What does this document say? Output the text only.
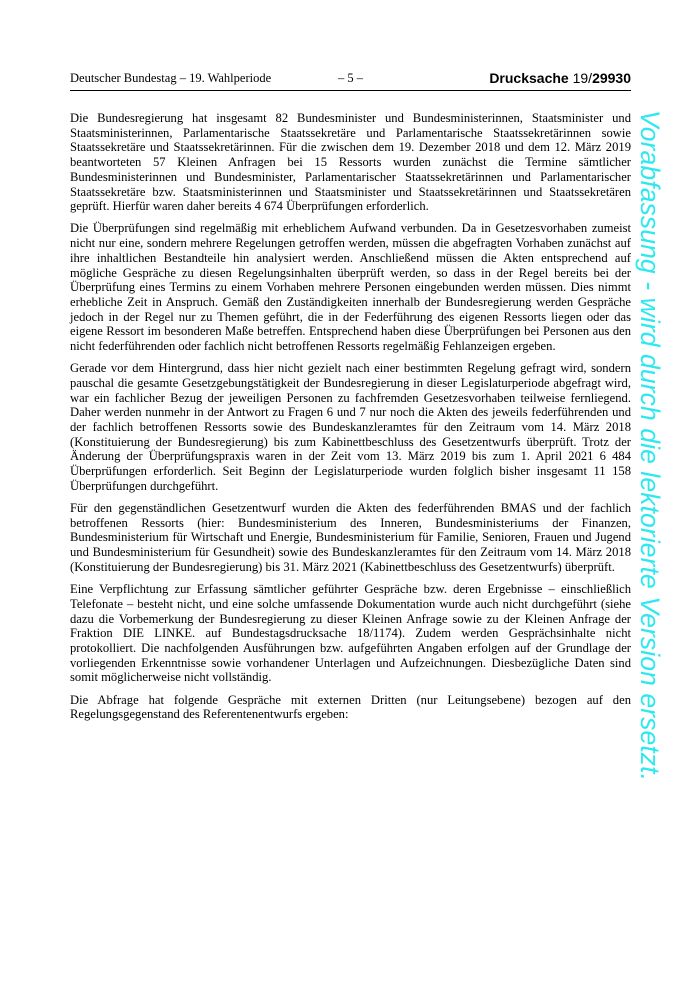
Deutscher Bundestag – 19. Wahlperiode	– 5 –	Drucksache 19/29930

Die Bundesregierung hat insgesamt 82 Bundesminister und Bundesministerinnen, Staatsminister und Staatsministerinnen, Parlamentarische Staatssekretäre und Parlamentarische Staatssekretärinnen sowie Staatssekretäre und Staatssekretärinnen. Für die zwischen dem 19. Dezember 2018 und dem 12. März 2019 beantworteten 57 Kleinen Anfragen bei 15 Ressorts wurden zunächst die Termine sämtlicher Bundesministerinnen und Bundesminister, Parlamentarischer Staatssekretärinnen und Parlamentarischer Staatssekretäre bzw. Staatsministerinnen und Staatsminister und Staatssekretärinnen und Staatssekretären geprüft. Hierfür waren daher bereits 4 674 Überprüfungen erforderlich.

Die Überprüfungen sind regelmäßig mit erheblichem Aufwand verbunden. Da in Gesetzesvorhaben zumeist nicht nur eine, sondern mehrere Regelungen getroffen werden, müssen die abgefragten Vorhaben zunächst auf ihre inhaltlichen Bestandteile hin analysiert werden. Anschließend müssen die Akten entsprechend auf mögliche Gespräche zu diesen Regelungsinhalten überprüft werden, so dass in der Regel bereits bei der Überprüfung eines Termins zu einem Vorhaben mehrere Personen eingebunden werden müssen. Dies nimmt erhebliche Zeit in Anspruch. Gemäß den Zuständigkeiten innerhalb der Bundesregierung werden Gespräche jedoch in der Regel nur zu Themen geführt, die in der Federführung des eigenen Ressorts liegen oder das eigene Ressort im besonderen Maße betreffen. Entsprechend haben diese Überprüfungen bei Personen aus den nicht federführenden oder fachlich nicht betroffenen Ressorts regelmäßig Fehlanzeigen ergeben.

Gerade vor dem Hintergrund, dass hier nicht gezielt nach einer bestimmten Regelung gefragt wird, sondern pauschal die gesamte Gesetzgebungstätigkeit der Bundesregierung in dieser Legislaturperiode abgefragt wird, war ein fachlicher Bezug der jeweiligen Personen zu fachfremden Gesetzesvorhaben teilweise fernliegend. Daher werden nunmehr in der Antwort zu Fragen 6 und 7 nur noch die Akten des jeweils federführenden und der fachlich betroffenen Ressorts sowie des Bundeskanzleramtes für den Zeitraum vom 14. März 2018 (Konstituierung der Bundesregierung) bis zum Kabinettbeschluss des Gesetzentwurfs überprüft. Trotz der Änderung der Überprüfungspraxis waren in der Zeit vom 13. März 2019 bis zum 1. April 2021 6 484 Überprüfungen erforderlich. Seit Beginn der Legislaturperiode wurden folglich bisher insgesamt 11 158 Überprüfungen durchgeführt.

Für den gegenständlichen Gesetzentwurf wurden die Akten des federführenden BMAS und der fachlich betroffenen Ressorts (hier: Bundesministerium des Inneren, Bundesministeriums der Finanzen, Bundesministerium für Wirtschaft und Energie, Bundesministerium für Familie, Senioren, Frauen und Jugend und Bundesministerium für Gesundheit) sowie des Bundeskanzleramtes für den Zeitraum vom 14. März 2018 (Konstituierung der Bundesregierung) bis 31. März 2021 (Kabinettbeschluss des Gesetzentwurfs) überprüft.

Eine Verpflichtung zur Erfassung sämtlicher geführter Gespräche bzw. deren Ergebnisse – einschließlich Telefonate – besteht nicht, und eine solche umfassende Dokumentation wurde auch nicht durchgeführt (siehe dazu die Vorbemerkung der Bundesregierung zu dieser Kleinen Anfrage sowie zu der Kleinen Anfrage der Fraktion DIE LINKE. auf Bundestagsdrucksache 18/1174). Zudem werden Gesprächsinhalte nicht protokolliert. Die nachfolgenden Ausführungen bzw. aufgeführten Angaben erfolgen auf der Grundlage der vorliegenden Erkenntnisse sowie vorhandener Unterlagen und Aufzeichnungen. Diesbezügliche Daten sind somit möglicherweise nicht vollständig.

Die Abfrage hat folgende Gespräche mit externen Dritten (nur Leitungsebene) bezogen auf den Regelungsgegenstand des Referentenentwurfs ergeben:	Vorabfassung - wird durch die lektorierte Version ersetzt.
